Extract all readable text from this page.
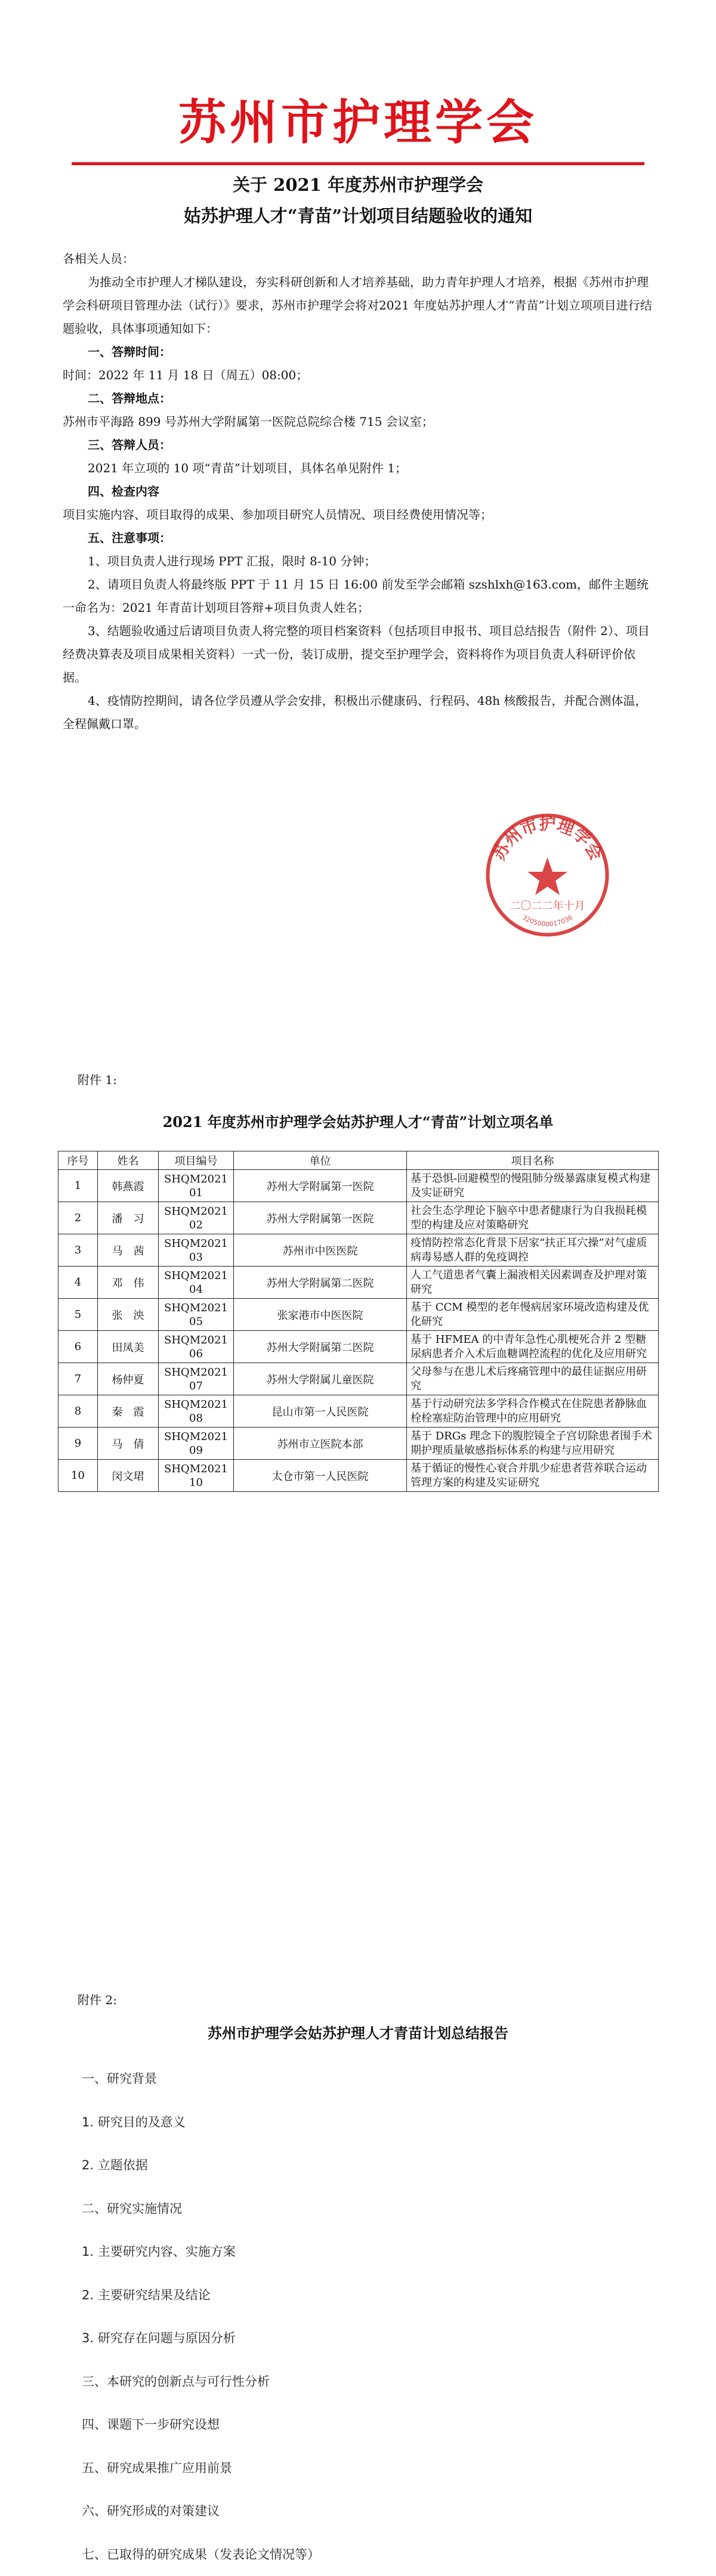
苏州市护理学会
关于 2021 年度苏州市护理学会
姑苏护理人才“青苗”计划项目结题验收的通知

各相关人员：

为推动全市护理人才梯队建设，夯实科研创新和人才培养基础，助力青年护理人才培养，根据《苏州市护理学会科研项目管理办法（试行）》要求，苏州市护理学会将对2021 年度姑苏护理人才“青苗”计划立项项目进行结题验收，具体事项通知如下：

一、答辩时间：

时间：2022 年 11 月 18 日（周五）08:00；

二、答辩地点：

苏州市平海路 899 号苏州大学附属第一医院总院综合楼 715 会议室；

三、答辩人员：

2021 年立项的 10 项“青苗”计划项目，具体名单见附件 1；

四、检查内容

项目实施内容、项目取得的成果、参加项目研究人员情况、项目经费使用情况等；

五、注意事项：

1、项目负责人进行现场 PPT 汇报，限时 8-10 分钟；

2、请项目负责人将最终版 PPT 于 11 月 15 日 16:00 前发至学会邮箱 szshlxh@163.com，邮件主题统一命名为：2021 年青苗计划项目答辩+项目负责人姓名；

3、结题验收通过后请项目负责人将完整的项目档案资料（包括项目申报书、项目总结报告（附件 2）、项目经费决算表及项目成果相关资料）一式一份，装订成册，提交至护理学会，资料将作为项目负责人科研评价依据。

4、疫情防控期间，请各位学员遵从学会安排，积极出示健康码、行程码、48h 核酸报告，并配合测体温，全程佩戴口罩。

苏州市护理学会
二〇二二年十月
3205000017036
附件 1:
2021 年度苏州市护理学会姑苏护理人才“青苗”计划立项名单
序号	姓名	项目编号	单位	项目名称
1	韩燕霞	SHQM202101	苏州大学附属第一医院	基于恐惧-回避模型的慢阻肺分级暴露康复模式构建及实证研究
2	潘　习	SHQM202102	苏州大学附属第一医院	社会生态学理论下脑卒中患者健康行为自我损耗模型的构建及应对策略研究
3	马　茜	SHQM202103	苏州市中医医院	疫情防控常态化背景下居家“扶正耳穴操”对气虚质病毒易感人群的免疫调控
4	邓　伟	SHQM202104	苏州大学附属第二医院	人工气道患者气囊上漏液相关因素调查及护理对策研究
5	张　泱	SHQM202105	张家港市中医医院	基于 CCM 模型的老年慢病居家环境改造构建及优化研究
6	田凤美	SHQM202106	苏州大学附属第二医院	基于 HFMEA 的中青年急性心肌梗死合并 2 型糖尿病患者介入术后血糖调控流程的优化及应用研究
7	杨仲夏	SHQM202107	苏州大学附属儿童医院	父母参与在患儿术后疼痛管理中的最佳证据应用研究
8	秦　霞	SHQM202108	昆山市第一人民医院	基于行动研究法多学科合作模式在住院患者静脉血栓栓塞症防治管理中的应用研究
9	马　倩	SHQM202109	苏州市立医院本部	基于 DRGs 理念下的腹腔镜全子宫切除患者围手术期护理质量敏感指标体系的构建与应用研究
10	闵文珺	SHQM202110	太仓市第一人民医院	基于循证的慢性心衰合并肌少症患者营养联合运动管理方案的构建及实证研究
附件 2:
苏州市护理学会姑苏护理人才青苗计划总结报告
一、研究背景
1. 研究目的及意义
2. 立题依据
二、研究实施情况
1. 主要研究内容、实施方案
2. 主要研究结果及结论
3. 研究存在问题与原因分析
三、本研究的创新点与可行性分析
四、课题下一步研究设想
五、研究成果推广应用前景
六、研究形成的对策建议
七、已取得的研究成果（发表论文情况等）
